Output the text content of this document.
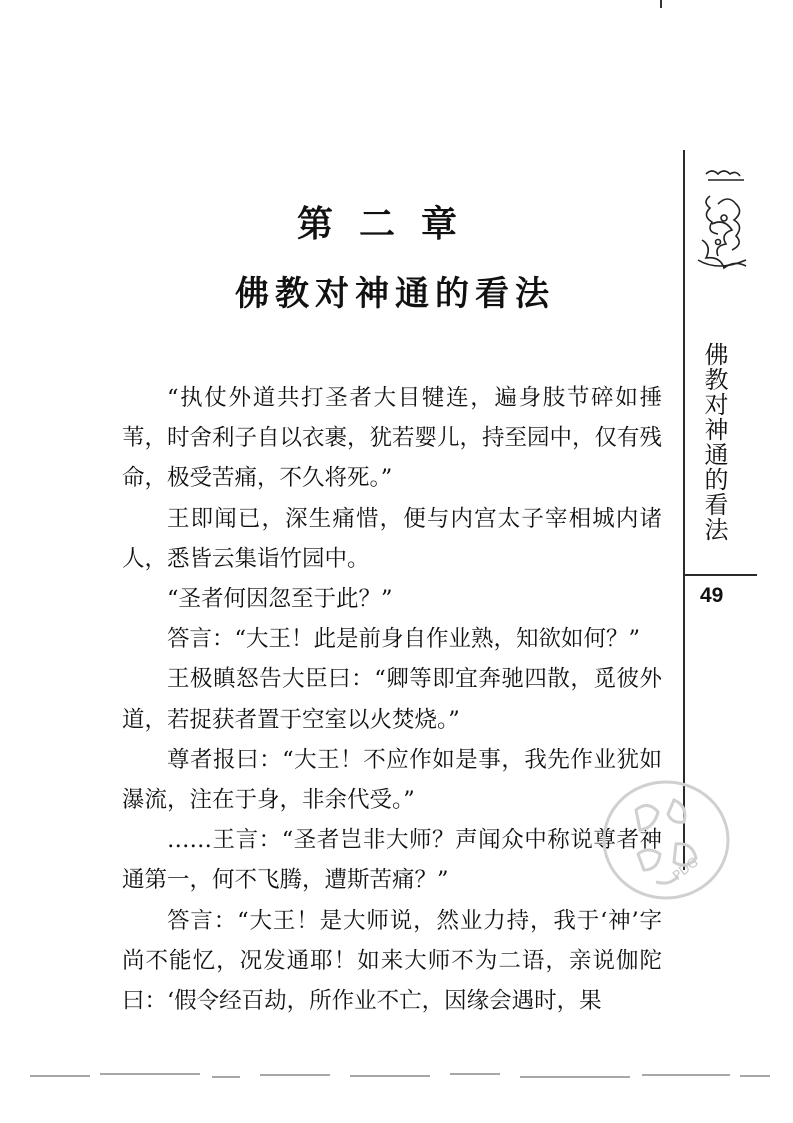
第二章
佛教对神通的看法

“执仗外道共打圣者大目犍连，遍身肢节碎如捶苇，时舍利子自以衣裹，犹若婴儿，持至园中，仅有残命，极受苦痛，不久将死。”

王即闻已，深生痛惜，便与内宫太子宰相城内诸人，悉皆云集诣竹园中。

“圣者何因忽至于此？”

答言：“大王！此是前身自作业熟，知欲如何？”

王极瞋怒告大臣曰：“卿等即宜奔驰四散，觅彼外道，若捉获者置于空室以火焚烧。”

尊者报曰：“大王！不应作如是事，我先作业犹如瀑流，注在于身，非余代受。”

……王言：“圣者岂非大师？声闻众中称说尊者神通第一，何不飞腾，遭斯苦痛？”

答言：“大王！是大师说，然业力持，我于‘神’字尚不能忆，况发通耶！如来大师不为二语，亲说伽陀曰：‘假令经百劫，所作业不亡，因缘会遇时，果

佛教对神通的看法
49
PDG
